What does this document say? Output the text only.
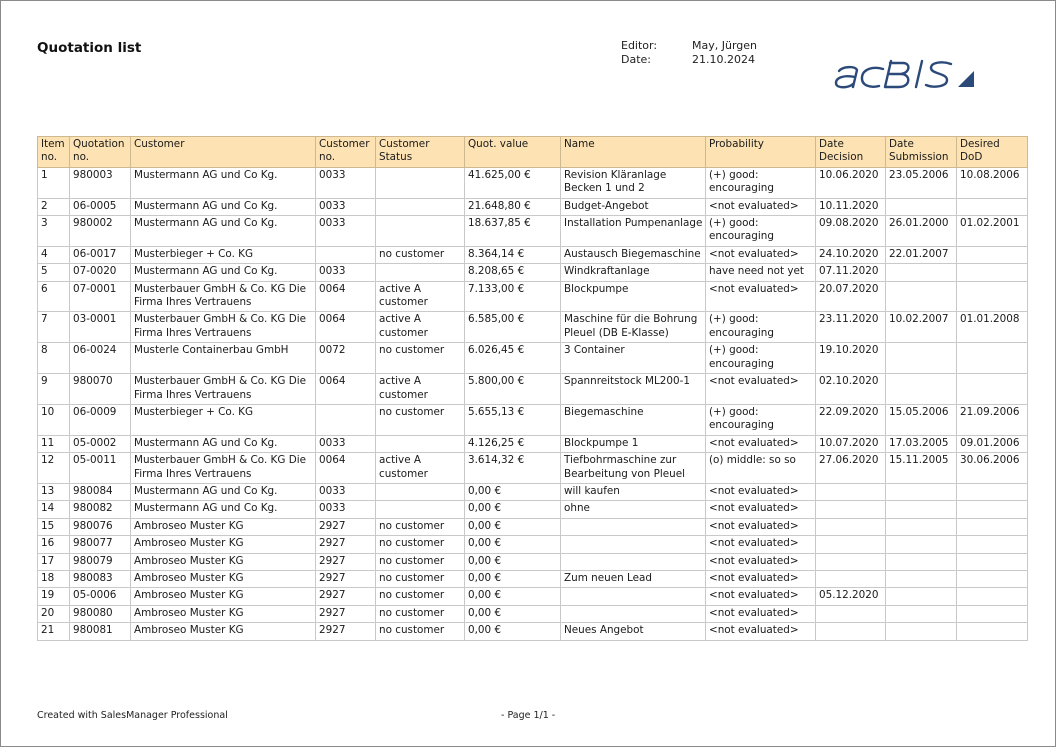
Quotation list	Editor:	May, Jürgen
Date:	21.10.2024
Item no.	Quotation no.	Customer	Customer no.	Customer Status	Quot. value	Name	Probability	Date Decision	Date Submission	Desired DoD
1	980003	Mustermann AG und Co Kg.	0033		41.625,00 €	Revision Kläranlage Becken 1 und 2	(+) good: encouraging	10.06.2020	23.05.2006	10.08.2006
2	06-0005	Mustermann AG und Co Kg.	0033		21.648,80 €	Budget-Angebot	<not evaluated>	10.11.2020		
3	980002	Mustermann AG und Co Kg.	0033		18.637,85 €	Installation Pumpenanlage	(+) good: encouraging	09.08.2020	26.01.2000	01.02.2001
4	06-0017	Musterbieger + Co. KG		no customer	8.364,14 €	Austausch Biegemaschine	<not evaluated>	24.10.2020	22.01.2007	
5	07-0020	Mustermann AG und Co Kg.	0033		8.208,65 €	Windkraftanlage	have need not yet	07.11.2020		
6	07-0001	Musterbauer GmbH & Co. KG Die Firma Ihres Vertrauens	0064	active A customer	7.133,00 €	Blockpumpe	<not evaluated>	20.07.2020		
7	03-0001	Musterbauer GmbH & Co. KG Die Firma Ihres Vertrauens	0064	active A customer	6.585,00 €	Maschine für die Bohrung Pleuel (DB E-Klasse)	(+) good: encouraging	23.11.2020	10.02.2007	01.01.2008
8	06-0024	Musterle Containerbau GmbH	0072	no customer	6.026,45 €	3 Container	(+) good: encouraging	19.10.2020		
9	980070	Musterbauer GmbH & Co. KG Die Firma Ihres Vertrauens	0064	active A customer	5.800,00 €	Spannreitstock ML200-1	<not evaluated>	02.10.2020		
10	06-0009	Musterbieger + Co. KG		no customer	5.655,13 €	Biegemaschine	(+) good: encouraging	22.09.2020	15.05.2006	21.09.2006
11	05-0002	Mustermann AG und Co Kg.	0033		4.126,25 €	Blockpumpe 1	<not evaluated>	10.07.2020	17.03.2005	09.01.2006
12	05-0011	Musterbauer GmbH & Co. KG Die Firma Ihres Vertrauens	0064	active A customer	3.614,32 €	Tiefbohrmaschine zur Bearbeitung von Pleuel	(o) middle: so so	27.06.2020	15.11.2005	30.06.2006
13	980084	Mustermann AG und Co Kg.	0033		0,00 €	will kaufen	<not evaluated>			
14	980082	Mustermann AG und Co Kg.	0033		0,00 €	ohne	<not evaluated>			
15	980076	Ambroseo Muster KG	2927	no customer	0,00 €		<not evaluated>			
16	980077	Ambroseo Muster KG	2927	no customer	0,00 €		<not evaluated>			
17	980079	Ambroseo Muster KG	2927	no customer	0,00 €		<not evaluated>			
18	980083	Ambroseo Muster KG	2927	no customer	0,00 €	Zum neuen Lead	<not evaluated>			
19	05-0006	Ambroseo Muster KG	2927	no customer	0,00 €		<not evaluated>	05.12.2020		
20	980080	Ambroseo Muster KG	2927	no customer	0,00 €		<not evaluated>			
21	980081	Ambroseo Muster KG	2927	no customer	0,00 €	Neues Angebot	<not evaluated>			
Created with SalesManager Professional	- Page 1/1 -
